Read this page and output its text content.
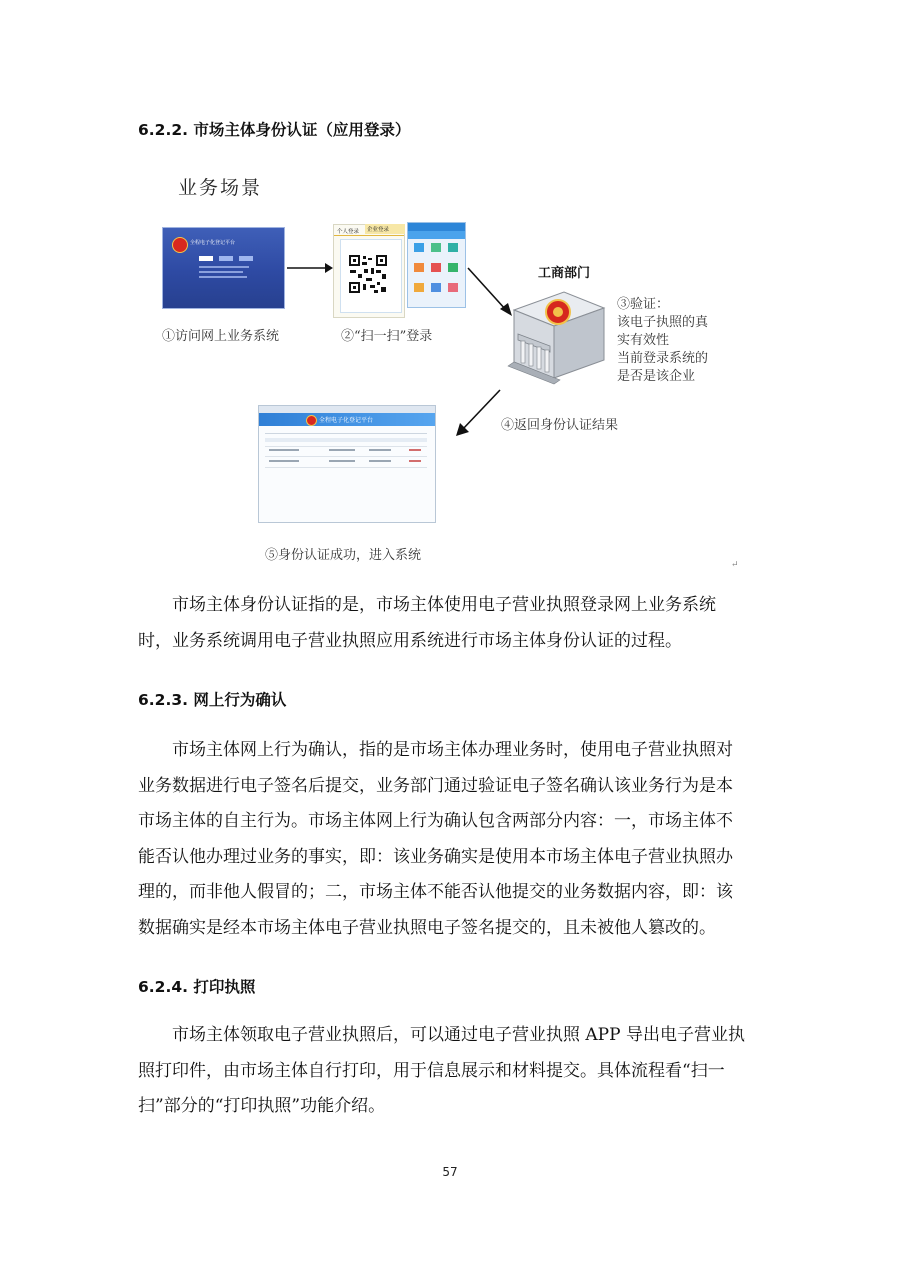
6.2.2. 市场主体身份认证（应用登录）
业务场景
全程电子化登记平台
①访问网上业务系统
个人登录 企业登录
②“扫一扫”登录
工商部门
③验证：
该电子执照的真
实有效性
当前登录系统的
是否是该企业
④返回身份认证结果
全程电子化登记平台
⑤身份认证成功，进入系统
↵

市场主体身份认证指的是，市场主体使用电子营业执照登录网上业务系统
时，业务系统调用电子营业执照应用系统进行市场主体身份认证的过程。

6.2.3. 网上行为确认

市场主体网上行为确认，指的是市场主体办理业务时，使用电子营业执照对
业务数据进行电子签名后提交，业务部门通过验证电子签名确认该业务行为是本
市场主体的自主行为。市场主体网上行为确认包含两部分内容：一，市场主体不
能否认他办理过业务的事实，即：该业务确实是使用本市场主体电子营业执照办
理的，而非他人假冒的；二，市场主体不能否认他提交的业务数据内容，即：该
数据确实是经本市场主体电子营业执照电子签名提交的，且未被他人篡改的。

6.2.4. 打印执照

市场主体领取电子营业执照后，可以通过电子营业执照 APP 导出电子营业执
照打印件，由市场主体自行打印，用于信息展示和材料提交。具体流程看“扫一
扫”部分的“打印执照”功能介绍。

57
